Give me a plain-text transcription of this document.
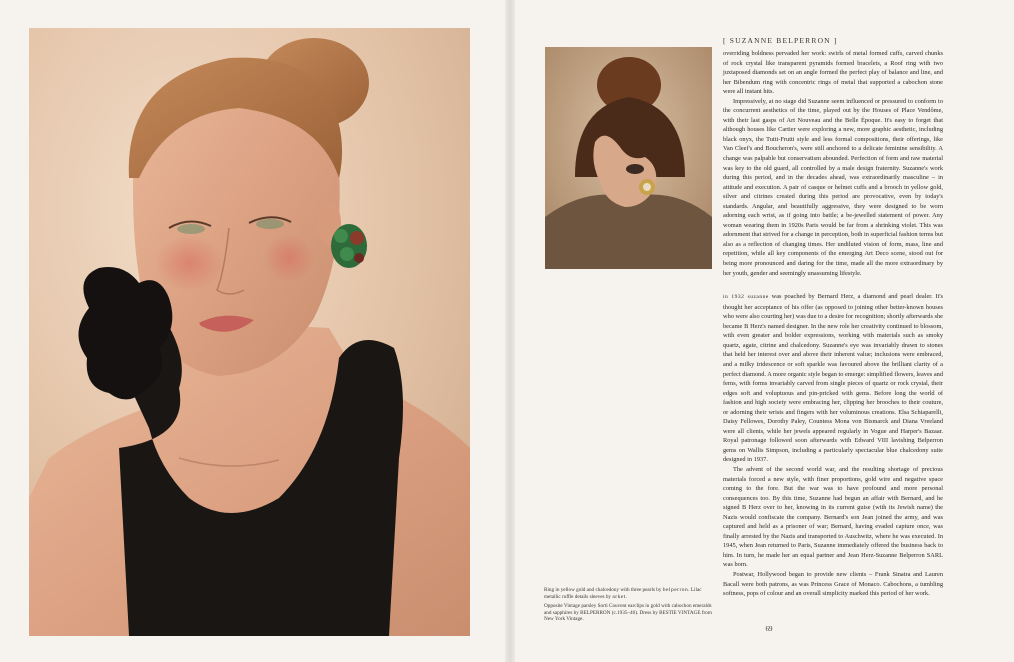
Ring in yellow gold and chalcedony with three pearls by belperron. Lilac metallic ruffle details sleeves by arket.

Opposite Vintage parsley Sorti Couvent earclips in gold with cabochon emeralds and sapphires by BELPERRON (c.1935–46). Dress by BESTIE VINTAGE from New York Vintage.

[ SUZANNE BELPERRON ]

overriding boldness pervaded her work: swirls of metal formed cuffs, carved chunks of rock crystal like transparent pyramids formed bracelets, a Roof ring with two juxtaposed diamonds set on an angle formed the perfect play of balance and line, and her Bibendum ring with concentric rings of metal that supported a cabochon stone were all instant hits.

Impressively, at no stage did Suzanne seem influenced or pressured to conform to the concurrent aesthetics of the time, played out by the Houses of Place Vendôme, with their last gasps of Art Nouveau and the Belle Époque. It's easy to forget that although houses like Cartier were exploring a new, more graphic aesthetic, including black onyx, the Tutti-Frutti style and less formal compositions, their offerings, like Van Cleef's and Boucheron's, were still anchored to a delicate feminine sensibility. A change was palpable but conservatism abounded. Perfection of form and raw material was key to the old guard, all controlled by a male design fraternity. Suzanne's work during this period, and in the decades ahead, was extraordinarily masculine – in attitude and execution. A pair of casque or helmet cuffs and a brooch in yellow gold, silver and citrines created during this period are provocative, even by today's standards. Angular, and beautifully aggressive, they were designed to be worn adorning each wrist, as if going into battle; a be-jewelled statement of power. Any woman wearing them in 1920s Paris would be far from a shrinking violet. This was adornment that strived for a change in perception, both in superficial fashion terms but also as a reflection of changing times. Her undiluted vision of form, mass, line and repetition, while all key components of the emerging Art Deco scene, stood out for being more pronounced and daring for the time, made all the more extraordinary by her youth, gender and seemingly unassuming lifestyle.

in 1932 suzanne was poached by Bernard Herz, a diamond and pearl dealer. It's thought her acceptance of his offer (as opposed to joining other better-known houses who were also courting her) was due to a desire for recognition; shortly afterwards she became B Herz's named designer. In the new role her creativity continued to blossom, with even greater and bolder expressions, working with materials such as smoky quartz, agate, citrine and chalcedony. Suzanne's eye was invariably drawn to stones that held her interest over and above their inherent value; inclusions were embraced, and a milky iridescence or soft sparkle was favoured above the brilliant clarity of a perfect diamond. A more organic style began to emerge: simplified flowers, leaves and ferns, with forms invariably carved from single pieces of quartz or rock crystal, their edges soft and voluptuous and pin-pricked with gems. Before long the world of fashion and high society were embracing her, clipping her brooches to their couture, or adorning their wrists and fingers with her voluminous creations. Elsa Schiaparelli, Daisy Fellowes, Dorothy Paley, Countess Mona von Bismarck and Diana Vreeland were all clients, while her jewels appeared regularly in Vogue and Harper's Bazaar. Royal patronage followed soon afterwards with Edward VIII lavishing Belperron gems on Wallis Simpson, including a particularly spectacular blue chalcedony suite designed in 1937.

The advent of the second world war, and the resulting shortage of precious materials forced a new style, with finer proportions, gold wire and negative space coming to the fore. But the war was to have profound and more personal consequences too. By this time, Suzanne had begun an affair with Bernard, and he signed B Herz over to her, knowing in its current guise (with its Jewish name) the Nazis would confiscate the company. Bernard's son Jean joined the army, and was captured and held as a prisoner of war; Bernard, having evaded capture once, was finally arrested by the Nazis and transported to Auschwitz, where he was executed. In 1945, when Jean returned to Paris, Suzanne immediately offered the business back to him. In turn, he made her an equal partner and Jean Herz-Suzanne Belperron SARL was born.

Postwar, Hollywood began to provide new clients – Frank Sinatra and Lauren Bacall were both patrons, as was Princess Grace of Monaco. Cabochons, a tumbling softness, pops of colour and an overall simplicity marked this period of her work.

69
